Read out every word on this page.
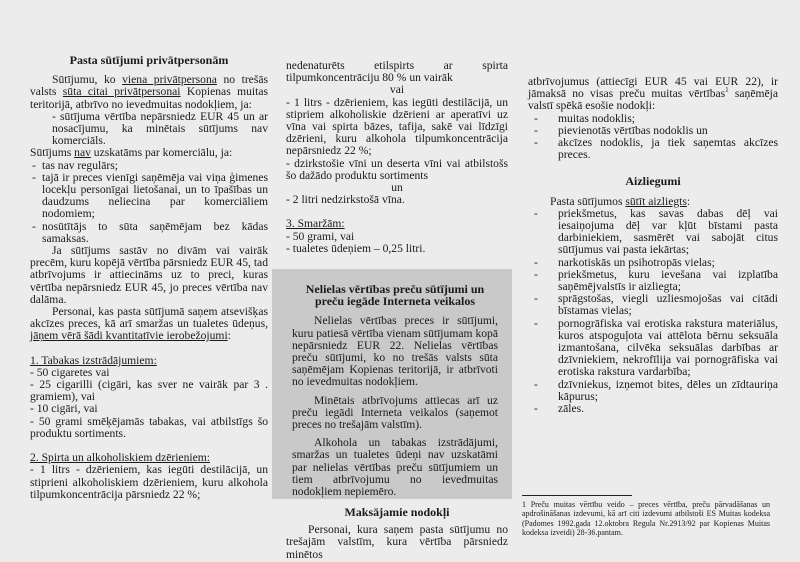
Pasta sūtījumi privātpersonām

Sūtījumu, ko viena privātpersona no trešās valsts sūta citai privātpersonai Kopienas muitas teritorijā, atbrīvo no ievedmuitas nodokļiem, ja:

- sūtījuma vērtība nepārsniedz EUR 45 un ar nosacījumu, ka minētais sūtījums nav komerciāls.

Sūtījums nav uzskatāms par komerciālu, ja:

- tas nav regulārs;
- tajā ir preces vienīgi saņēmēja vai viņa ģimenes locekļu personīgai lietošanai, un to īpašības un daudzums neliecina par komerciāliem nodomiem;
- nosūtītājs to sūta saņēmējam bez kādas samaksas.

Ja sūtījums sastāv no divām vai vairāk precēm, kuru kopējā vērtība pārsniedz EUR 45, tad atbrīvojums ir attiecināms uz to preci, kuras vērtība nepārsniedz EUR 45, jo preces vērtība nav dalāma.

Personai, kas pasta sūtījumā saņem atsevišķas akcīzes preces, kā arī smaržas un tualetes ūdeņus, jāņem vērā šādi kvantitatīvie ierobežojumi:

1. Tabakas izstrādājumiem:

- 50 cigaretes vai

- 25 cigarilli (cigāri, kas sver ne vairāk par 3 . gramiem), vai

- 10 cigāri, vai

- 50 grami smēķējamās tabakas, vai atbilstīgs šo produktu sortiments.

2. Spirta un alkoholiskiem dzērieniem:

- 1 litrs - dzērieniem, kas iegūti destilācijā, un stiprieni alkoholiskiem dzērieniem, kuru alkohola tilpumkoncentrācija pārsniedz 22 %;

nedenaturēts etilspirts ar spirta tilpumkoncentrāciju 80 % un vairāk

vai

- 1 litrs - dzērieniem, kas iegūti destilācijā, un stipriem alkoholiskie dzērieni ar aperatīvi uz vīna vai spirta bāzes, tafija, sakē vai līdzīgi dzērieni, kuru alkohola tilpumkoncentrācija nepārsniedz 22 %;

- dzirkstošie vīni un deserta vīni vai atbilstošs šo dažādo produktu sortiments

un

- 2 litri nedzirkstošā vīna.

3. Smaržām:

- 50 grami, vai

- tualetes ūdeņiem – 0,25 litri.

Nelielas vērtības preču sūtījumi un preču iegāde Interneta veikalos

Nelielas vērtības preces ir sūtījumi, kuru patiesā vērtība vienam sūtījumam kopā nepārsniedz EUR 22. Nelielas vērtības preču sūtījumi, ko no trešās valsts sūta saņēmējam Kopienas teritorijā, ir atbrīvoti no ievedmuitas nodokļiem.

Minētais atbrīvojums attiecas arī uz preču iegādi Interneta veikalos (saņemot preces no trešajām valstīm).

Alkohola un tabakas izstrādājumi, smaržas un tualetes ūdeņi nav uzskatāmi par nelielas vērtības preču sūtījumiem un tiem atbrīvojumu no ievedmuitas nodokļiem nepiemēro.

Maksājamie nodokļi

Personai, kura saņem pasta sūtījumu no trešajām valstīm, kura vērtība pārsniedz minētos

atbrīvojumus (attiecīgi EUR 45 vai EUR 22), ir jāmaksā no visas preču muitas vērtības$^1$ saņēmēja valstī spēkā esošie nodokļi:

- muitas nodoklis;
- pievienotās vērtības nodoklis un
- akcīzes nodoklis, ja tiek saņemtas akcīzes preces.

Aizliegumi

Pasta sūtījumos sūtīt aizliegts:

- priekšmetus, kas savas dabas dēļ vai iesaiņojuma dēļ var kļūt bīstami pasta darbiniekiem, sasmērēt vai sabojāt citus sūtījumus vai pasta iekārtas;
- narkotiskās un psihotropās vielas;
- priekšmetus, kuru ievešana vai izplatība saņēmējvalstīs ir aizliegta;
- sprāgstošas, viegli uzliesmojošas vai citādi bīstamas vielas;
- pornogrāfiska vai erotiska rakstura materiālus, kuros atspoguļota vai attēlota bērnu seksuāla izmantošana, cilvēka seksuālas darbības ar dzīvniekiem, nekrofīlija vai pornogrāfiska vai erotiska rakstura vardarbība;
- dzīvniekus, izņemot bites, dēles un zīdtauriņa kāpurus;
- zāles.

1 Preču muitas vērtību veido – preces vērtība, preču pārvadāšanas un apdrošināšanas izdevumi, kā arī citi izdevumi atbilstoši ES Muitas kodeksa (Padomes 1992.gada 12.oktobra Regula Nr.2913/92 par Kopienas Muitas kodeksa izveidi) 28-36.pantam.
